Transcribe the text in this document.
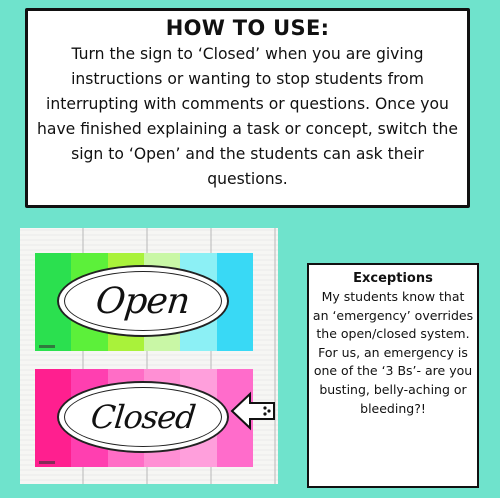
HOW TO USE:
Turn the sign to ‘Closed’ when you are giving instructions or wanting to stop students from interrupting with comments or questions. Once you have finished explaining a task or concept, switch the sign to ‘Open’ and the students can ask their questions.
Open
Closed
Exceptions
My students know that an ‘emergency’ overrides the open/closed system. For us, an emergency is one of the ‘3 Bs’- are you busting, belly-aching or bleeding?!
